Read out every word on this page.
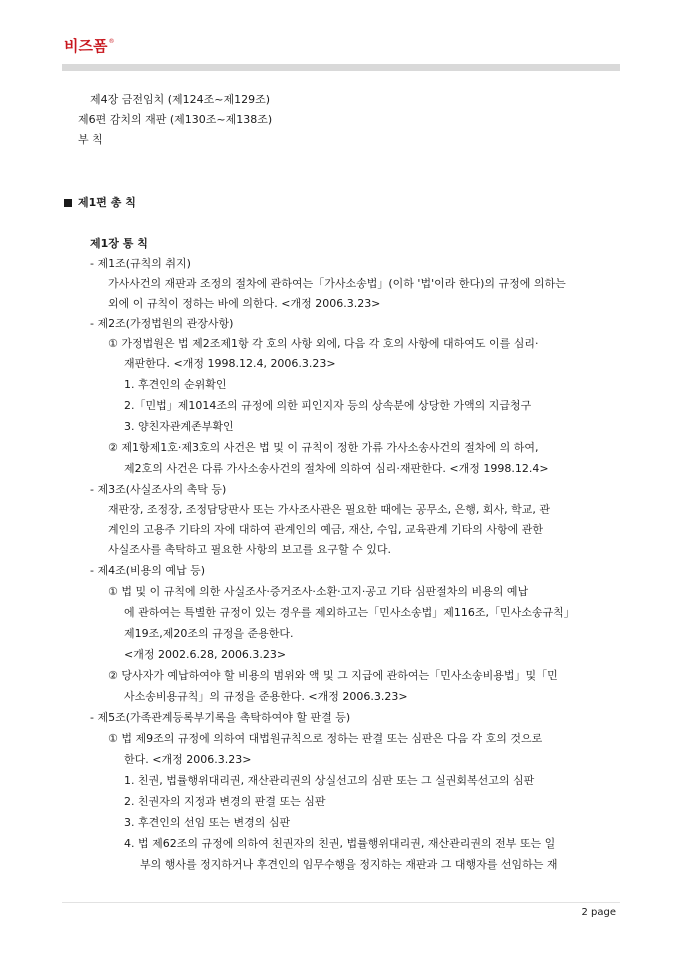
비즈폼 ®
제4장 금전임치 (제124조~제129조)
제6편 감치의 재판 (제130조~제138조)
부 칙
제1편 총 칙
제1장 통 칙
- 제1조(규칙의 취지)
가사사건의 재판과 조정의 절차에 관하여는「가사소송법」(이하 '법'이라 한다)의 규정에 의하는
외에 이 규칙이 정하는 바에 의한다. <개정 2006.3.23>
- 제2조(가정법원의 관장사항)
① 가정법원은 법 제2조제1항 각 호의 사항 외에, 다음 각 호의 사항에 대하여도 이를 심리·
재판한다. <개정 1998.12.4, 2006.3.23>
1. 후견인의 순위확인
2.「민법」제1014조의 규정에 의한 피인지자 등의 상속분에 상당한 가액의 지급청구
3. 양친자관계존부확인
② 제1항제1호·제3호의 사건은 법 및 이 규칙이 정한 가류 가사소송사건의 절차에 의 하여,
제2호의 사건은 다류 가사소송사건의 절차에 의하여 심리·재판한다. <개정 1998.12.4>
- 제3조(사실조사의 촉탁 등)
재판장, 조정장, 조정담당판사 또는 가사조사관은 필요한 때에는 공무소, 은행, 회사, 학교, 관
계인의 고용주 기타의 자에 대하여 관계인의 예금, 재산, 수입, 교육관계 기타의 사항에 관한
사실조사를 촉탁하고 필요한 사항의 보고를 요구할 수 있다.
- 제4조(비용의 예납 등)
① 법 및 이 규칙에 의한 사실조사·증거조사·소환·고지·공고 기타 심판절차의 비용의 예납
에 관하여는 특별한 규정이 있는 경우를 제외하고는「민사소송법」제116조,「민사소송규칙」
제19조,제20조의 규정을 준용한다.
<개정 2002.6.28, 2006.3.23>
② 당사자가 예납하여야 할 비용의 범위와 액 및 그 지급에 관하여는「민사소송비용법」및「민
사소송비용규칙」의 규정을 준용한다. <개정 2006.3.23>
- 제5조(가족관계등록부기록을 촉탁하여야 할 판결 등)
① 법 제9조의 규정에 의하여 대법원규칙으로 정하는 판결 또는 심판은 다음 각 호의 것으로
한다. <개정 2006.3.23>
1. 친권, 법률행위대리권, 재산관리권의 상실선고의 심판 또는 그 실권회복선고의 심판
2. 친권자의 지정과 변경의 판결 또는 심판
3. 후견인의 선임 또는 변경의 심판
4. 법 제62조의 규정에 의하여 친권자의 친권, 법률행위대리권, 재산관리권의 전부 또는 일
부의 행사를 정지하거나 후견인의 임무수행을 정지하는 재판과 그 대행자를 선임하는 재
2 page
